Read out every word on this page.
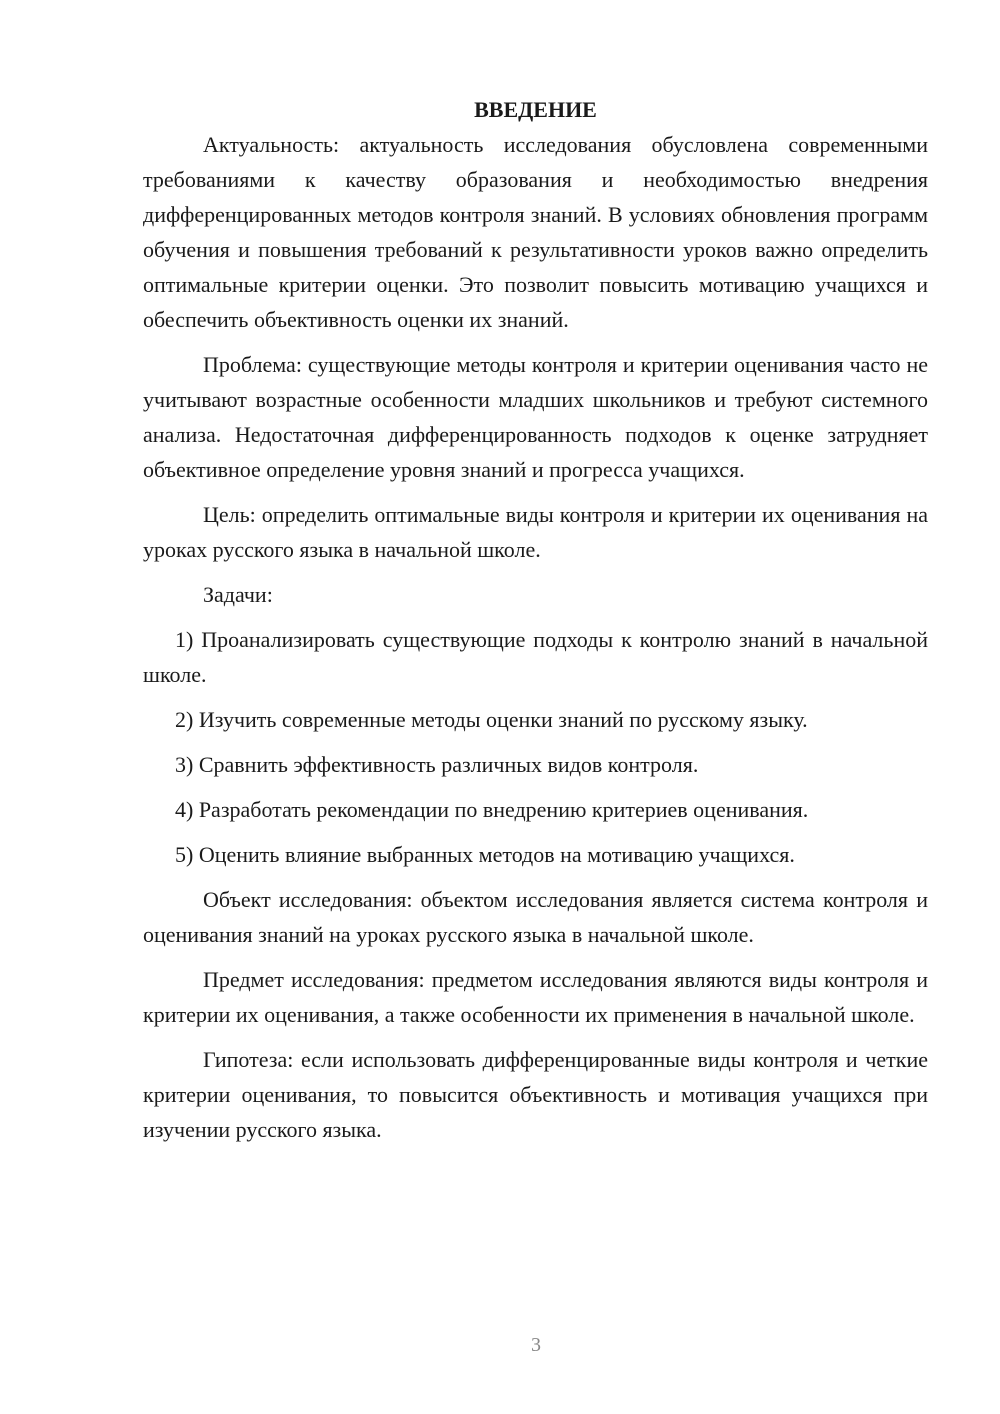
ВВЕДЕНИЕ

Актуальность: актуальность исследования обусловлена современными требованиями к качеству образования и необходимостью внедрения дифференцированных методов контроля знаний. В условиях обновления программ обучения и повышения требований к результативности уроков важно определить оптимальные критерии оценки. Это позволит повысить мотивацию учащихся и обеспечить объективность оценки их знаний.

Проблема: существующие методы контроля и критерии оценивания часто не учитывают возрастные особенности младших школьников и требуют системного анализа. Недостаточная дифференцированность подходов к оценке затрудняет объективное определение уровня знаний и прогресса учащихся.

Цель: определить оптимальные виды контроля и критерии их оценивания на уроках русского языка в начальной школе.

Задачи:

1) Проанализировать существующие подходы к контролю знаний в начальной школе.

2) Изучить современные методы оценки знаний по русскому языку.

3) Сравнить эффективность различных видов контроля.

4) Разработать рекомендации по внедрению критериев оценивания.

5) Оценить влияние выбранных методов на мотивацию учащихся.

Объект исследования: объектом исследования является система контроля и оценивания знаний на уроках русского языка в начальной школе.

Предмет исследования: предметом исследования являются виды контроля и критерии их оценивания, а также особенности их применения в начальной школе.

Гипотеза: если использовать дифференцированные виды контроля и четкие критерии оценивания, то повысится объективность и мотивация учащихся при изучении русского языка.

3
